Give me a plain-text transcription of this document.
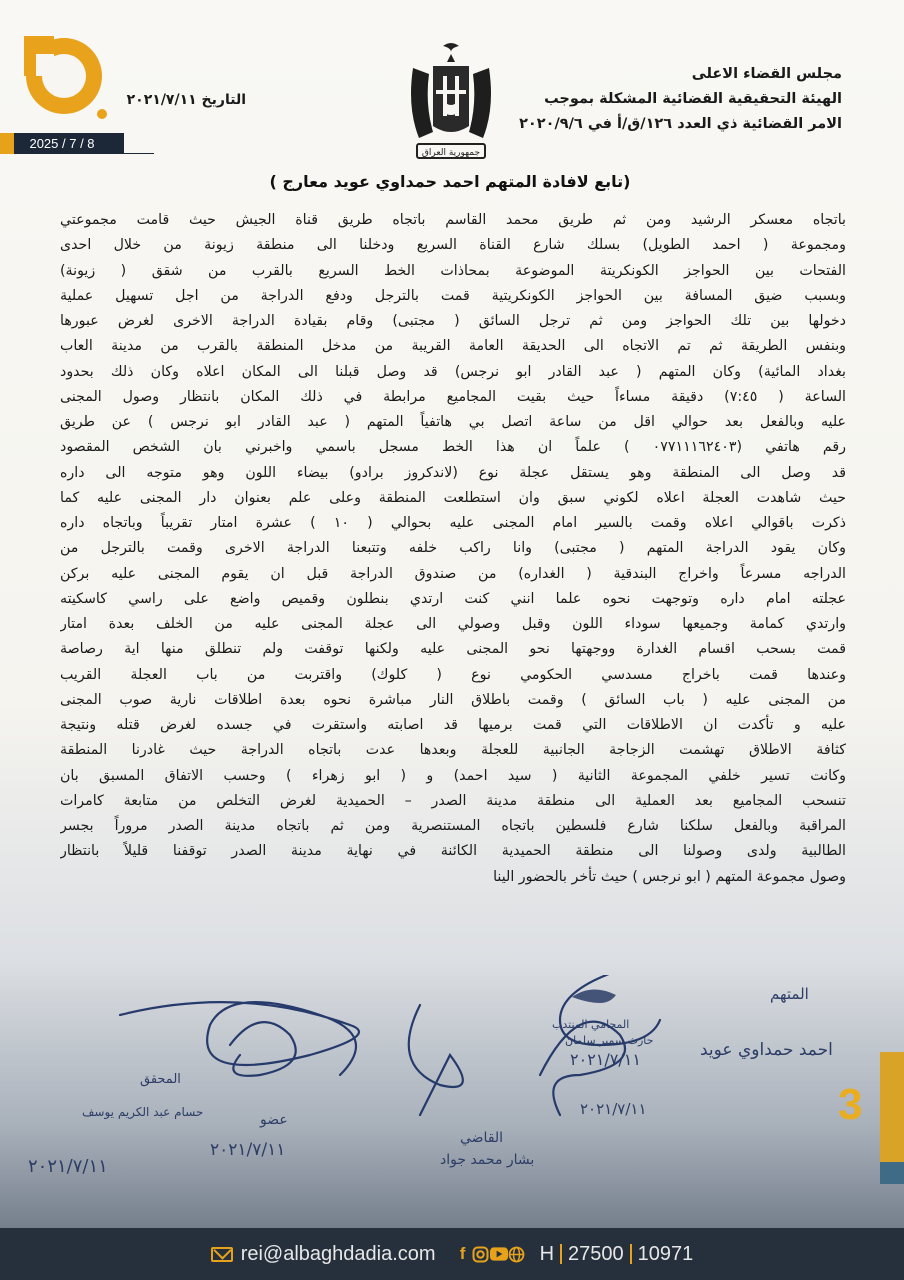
2025 / 7 / 8
مجلس القضاء الاعلى
الهيئة التحقيقية القضائية المشكلة بموجب
الامر القضائية ذي العدد ١٢٦/ق/أ في ٢٠٢٠/٩/٦
التاريخ ٢٠٢١/٧/١١
جمهورية العراق
(تابع لافادة المتهم احمد حمداوي عويد معارج )

باتجاه معسكر الرشيد ومن ثم طريق محمد القاسم باتجاه طريق قناة الجيش حيث قامت مجموعتي

ومجموعة ( احمد الطويل) بسلك شارع القناة السريع ودخلنا الى منطقة زيونة من خلال احدى

الفتحات بين الحواجز الكونكريتة الموضوعة بمحاذات الخط السريع بالقرب من شقق ( زيونة)

وبسبب ضيق المسافة بين الحواجز الكونكريتية قمت بالترجل ودفع الدراجة من اجل تسهيل عملية

دخولها بين تلك الحواجز ومن ثم ترجل السائق ( مجتبى) وقام بقيادة الدراجة الاخرى لغرض عبورها

وبنفس الطريقة ثم تم الاتجاه الى الحديقة العامة القريبة من مدخل المنطقة بالقرب من مدينة العاب

بغداد المائية) وكان المتهم ( عبد القادر ابو نرجس) قد وصل قبلنا الى المكان اعلاه وكان ذلك بحدود

الساعة ( ٧:٤٥) دقيقة مساءاً حيث بقيت المجاميع مرابطة في ذلك المكان بانتظار وصول المجنى

عليه وبالفعل بعد حوالي اقل من ساعة اتصل بي هاتفياً المتهم ( عبد القادر ابو نرجس ) عن طريق

رقم هاتفي (٠٧٧١١١٦٢٤٠٣ ) علماً ان هذا الخط مسجل باسمي واخبرني بان الشخص المقصود

قد وصل الى المنطقة وهو يستقل عجلة نوع (لاندكروز برادو) بيضاء اللون وهو متوجه الى داره

حيث شاهدت العجلة اعلاه لكوني سبق وان استطلعت المنطقة وعلى علم بعنوان دار المجنى عليه كما

ذكرت باقوالي اعلاه وقمت بالسير امام المجنى عليه بحوالي ( ١٠ ) عشرة امتار تقريباً وباتجاه داره

وكان يقود الدراجة المتهم ( مجتبى) وانا راكب خلفه وتتبعنا الدراجة الاخرى وقمت بالترجل من

الدراجه مسرعاً واخراج البندقية ( الغداره) من صندوق الدراجة قبل ان يقوم المجنى عليه بركن

عجلته امام داره وتوجهت نحوه علما انني كنت ارتدي بنطلون وقميص واضع على راسي كاسكيته

وارتدي كمامة وجميعها سوداء اللون وقبل وصولي الى عجلة المجنى عليه من الخلف بعدة امتار

قمت بسحب اقسام الغدارة ووجهتها نحو المجنى عليه ولكنها توقفت ولم تنطلق منها اية رصاصة

وعندها قمت باخراج مسدسي الحكومي نوع ( كلوك) واقتربت من باب العجلة القريب

من المجنى عليه ( باب السائق ) وقمت باطلاق النار مباشرة نحوه بعدة اطلاقات نارية صوب المجنى

عليه و تأكدت ان الاطلاقات التي قمت برميها قد اصابته واستقرت في جسده لغرض قتله ونتيجة

كثافة الاطلاق تهشمت الزجاجة الجانبية للعجلة وبعدها عدت باتجاه الدراجة حيث غادرنا المنطقة

وكانت تسير خلفي المجموعة الثانية ( سيد احمد) و ( ابو زهراء ) وحسب الاتفاق المسبق بان

تنسحب المجاميع بعد العملية الى منطقة مدينة الصدر – الحميدية لغرض التخلص من متابعة كامرات

المراقبة وبالفعل سلكنا شارع فلسطين باتجاه المستنصرية ومن ثم باتجاه مدينة الصدر مروراً بجسر

الطالبية ولدى وصولنا الى منطقة الحميدية الكائنة في نهاية مدينة الصدر توقفنا قليلاً بانتظار

وصول مجموعة المتهم ( ابو نرجس ) حيث تأخر بالحضور الينا

المتهم
احمد حمداوي عويد
المحامي المنتدب
حارث سمير سلمان
٢٠٢١/٧/١١
القاضي
بشار محمد جواد
٢٠٢١/٧/١١
المحقق
حسام عبد الكريم يوسف
٢٠٢١/٧/١١
عضو
٢٠٢١/٧/١١	3
rei@albaghdadia.com	f	H 27500 10971
